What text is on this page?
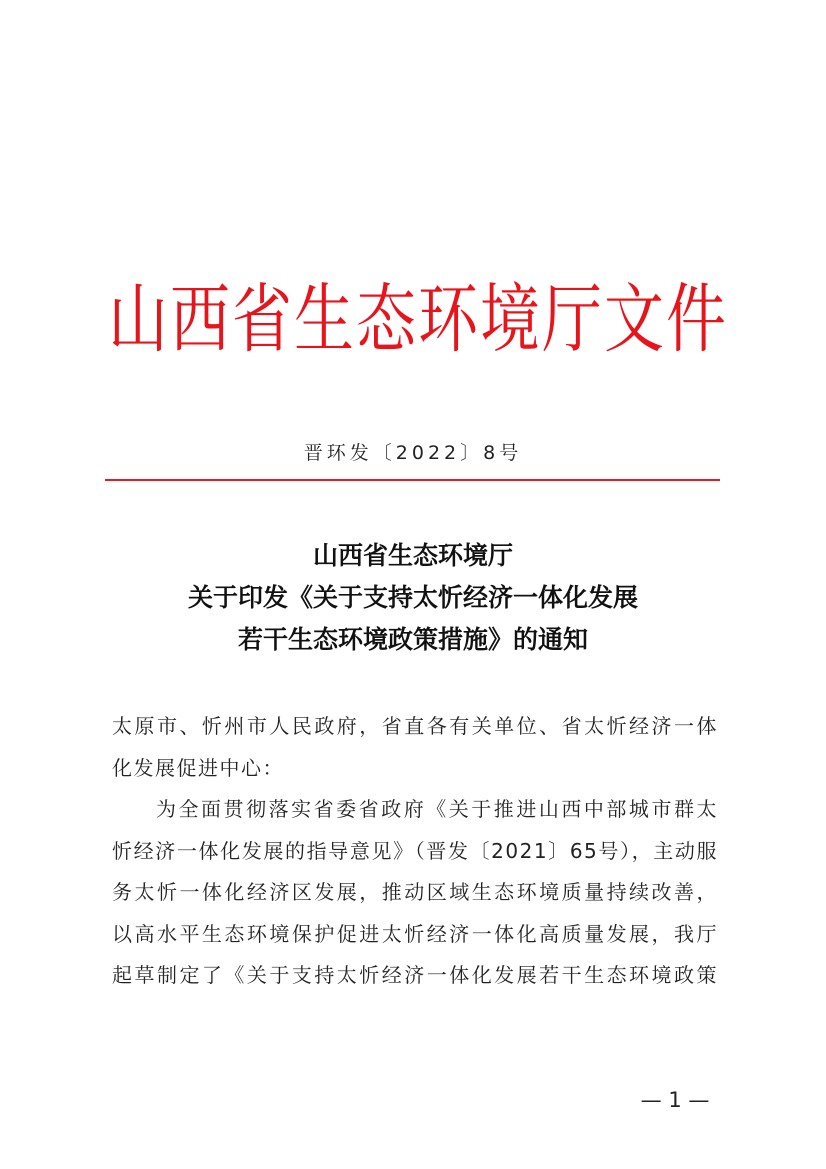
山西省生态环境厅文件
晋环发〔2022〕8号
山西省生态环境厅
关于印发《关于支持太忻经济一体化发展
若干生态环境政策措施》的通知

太原市、忻州市人民政府，省直各有关单位、省太忻经济一体

化发展促进中心：

为全面贯彻落实省委省政府《关于推进山西中部城市群太

忻经济一体化发展的指导意见》（晋发〔2021〕65号），主动服

务太忻一体化经济区发展，推动区域生态环境质量持续改善，

以高水平生态环境保护促进太忻经济一体化高质量发展，我厅

起草制定了《关于支持太忻经济一体化发展若干生态环境政策

— 1 —
